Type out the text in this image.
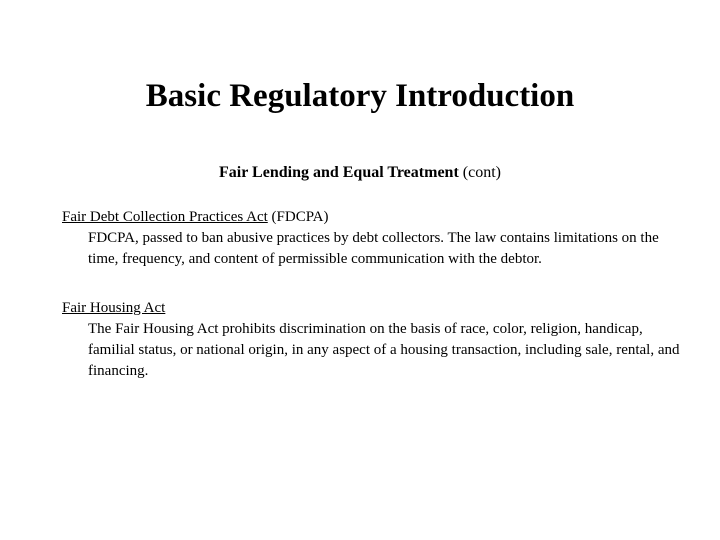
Basic Regulatory Introduction

Fair Lending and Equal Treatment (cont)

Fair Debt Collection Practices Act (FDCPA)

FDCPA, passed to ban abusive practices by debt collectors. The law contains limitations on the time, frequency, and content of permissible communication with the debtor.

Fair Housing Act

The Fair Housing Act prohibits discrimination on the basis of race, color, religion, handicap, familial status, or national origin, in any aspect of a housing transaction, including sale, rental, and financing.
